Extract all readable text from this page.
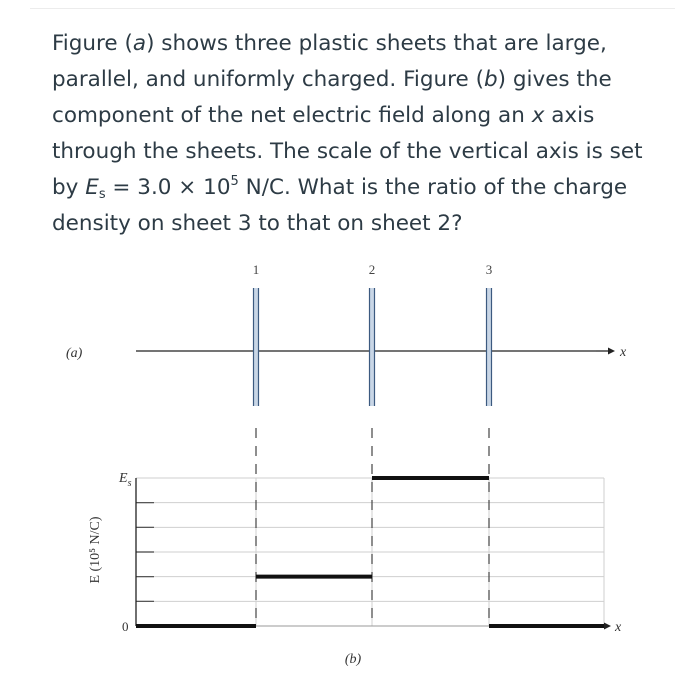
Figure (a) shows three plastic sheets that are large, parallel, and uniformly charged. Figure (b) gives the component of the net electric field along an x axis through the sheets. The scale of the vertical axis is set by $E_s = 3.0 \times 10^5$ N/C. What is the ratio of the charge density on sheet 3 to that on sheet 2?

(a)	x
1	2	3
x
$E_s$
0
E (10⁵ N/C)
(b)
